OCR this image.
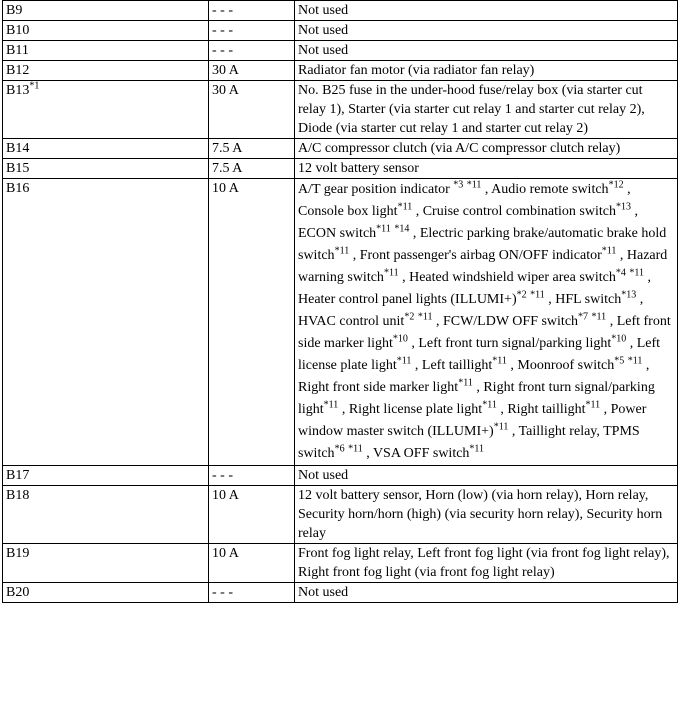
B9	- - -	Not used
B10	- - -	Not used
B11	- - -	Not used
B12	30 A	Radiator fan motor (via radiator fan relay)
B13$^{*1}$	30 A	No. B25 fuse in the under-hood fuse/relay box (via starter cut relay 1), Starter (via starter cut relay 1 and starter cut relay 2), Diode (via starter cut relay 1 and starter cut relay 2)
B14	7.5 A	A/C compressor clutch (via A/C compressor clutch relay)
B15	7.5 A	12 volt battery sensor
B16	10 A	A/T gear position indicator $^{*3}$ $^{*11}$ , Audio remote switch$^{*12}$ , Console box light$^{*11}$ , Cruise control combination switch$^{*13}$ , ECON switch$^{*11}$ $^{*14}$ , Electric parking brake/automatic brake hold switch$^{*11}$ , Front passenger's airbag ON/OFF indicator$^{*11}$ , Hazard warning switch$^{*11}$ , Heated windshield wiper area switch$^{*4}$ $^{*11}$ , Heater control panel lights (ILLUMI+)$^{*2}$ $^{*11}$ , HFL switch$^{*13}$ , HVAC control unit$^{*2}$ $^{*11}$ , FCW/LDW OFF switch$^{*7}$ $^{*11}$ , Left front side marker light$^{*10}$ , Left front turn signal/parking light$^{*10}$ , Left license plate light$^{*11}$ , Left taillight$^{*11}$ , Moonroof switch$^{*5}$ $^{*11}$ , Right front side marker light$^{*11}$ , Right front turn signal/parking light$^{*11}$ , Right license plate light$^{*11}$ , Right taillight$^{*11}$ , Power window master switch (ILLUMI+)$^{*11}$ , Taillight relay, TPMS switch$^{*6}$ $^{*11}$ , VSA OFF switch$^{*11}$
B17	- - -	Not used
B18	10 A	12 volt battery sensor, Horn (low) (via horn relay), Horn relay, Security horn/horn (high) (via security horn relay), Security horn relay
B19	10 A	Front fog light relay, Left front fog light (via front fog light relay), Right front fog light (via front fog light relay)
B20	- - -	Not used
